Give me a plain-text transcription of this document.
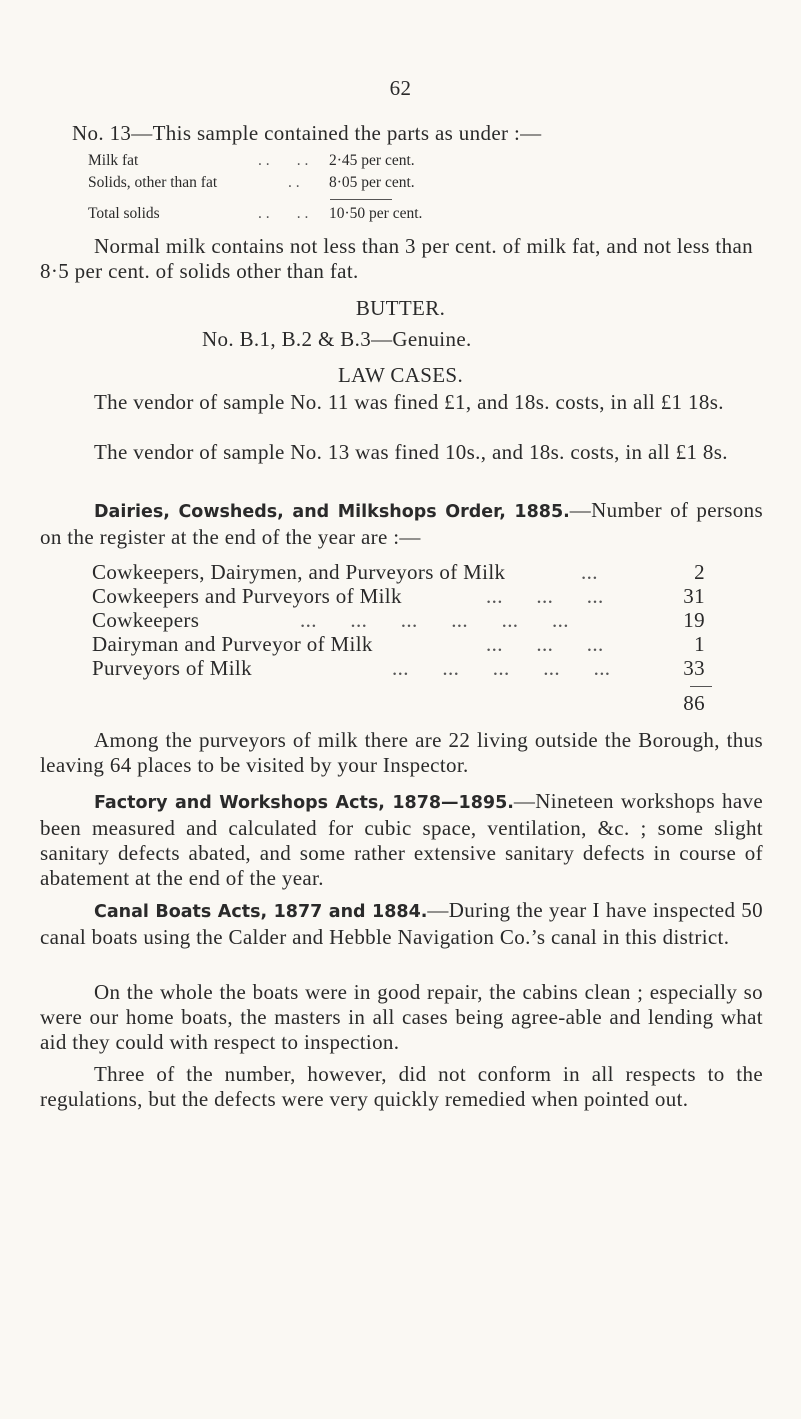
62
No. 13—This sample contained the parts as under :—
Milk fat	. .       . . 2·45 per cent.
Solids, other than fat	. . 8·05 per cent.
Total solids	. .       . . 10·50 per cent.
Normal milk contains not less than 3 per cent. of milk fat, and not less than 8·5 per cent. of solids other than fat.
BUTTER.
No. B.1, B.2 & B.3—Genuine.
LAW CASES.
The vendor of sample No. 11 was fined £1, and 18s. costs, in all £1 18s.
The vendor of sample No. 13 was fined 10s., and 18s. costs, in all £1 8s.
Dairies, Cowsheds, and Milkshops Order, 1885.—Number of persons on the register at the end of the year are :—
Cowkeepers, Dairymen, and Purveyors of Milk	...	2
Cowkeepers and Purveyors of Milk	...      ...      ...	31
Cowkeepers	...      ...      ...      ...      ...      ...	19
Dairyman and Purveyor of Milk	...      ...      ...	1
Purveyors of Milk	...      ...      ...      ...      ...	33
86
Among the purveyors of milk there are 22 living outside the Borough, thus leaving 64 places to be visited by your Inspector.
Factory and Workshops Acts, 1878—1895.—Nineteen workshops have been measured and calculated for cubic space, ventilation, &c. ; some slight sanitary defects abated, and some rather extensive sanitary defects in course of abatement at the end of the year.
Canal Boats Acts, 1877 and 1884.—During the year I have inspected 50 canal boats using the Calder and Hebble Navigation Co.’s canal in this district.
On the whole the boats were in good repair, the cabins clean ; especially so were our home boats, the masters in all cases being agree-able and lending what aid they could with respect to inspection.
Three of the number, however, did not conform in all respects to the regulations, but the defects were very quickly remedied when pointed out.
